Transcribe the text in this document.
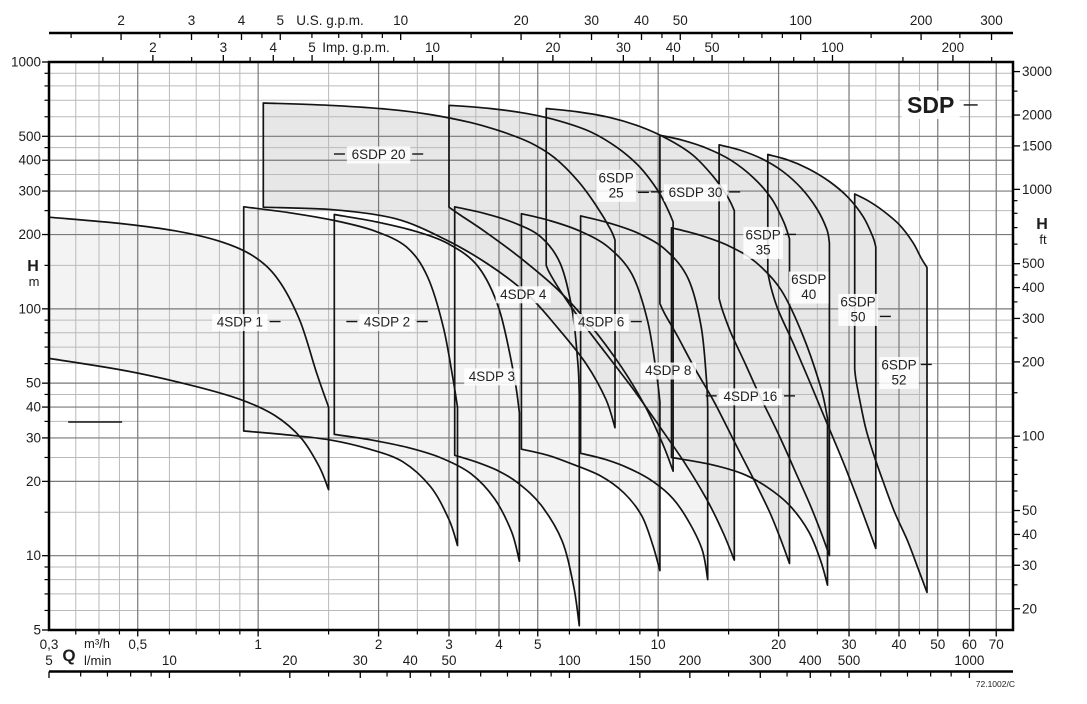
1000
500
400
300
200
100
50
40
30
20
10
5
H
m
3000
2000
1500
1000
500
400
300
200
100
50
40
30
20
H
ft
2	3	4 5	10	20	30	40 50	100	200	300
U.S. g.p.m.
2	3	4 5	10	20	30	40 50	100	200
Imp. g.p.m.
0,3	0,5	1	2	3	4 5	10	20	30	40 50 60 70
5	10	20	30	40 50	100	150 200	300 400 500	1000
Q
m³/h
l/min
4SDP 1	4SDP 2
4SDP 3
4SDP 4
4SDP 6
4SDP 8
4SDP 16
6SDP 20
6SDP
25	6SDP 30
6SDP
35
6SDP
40 6SDP
50
6SDP
52
SDP
72.1002/C
